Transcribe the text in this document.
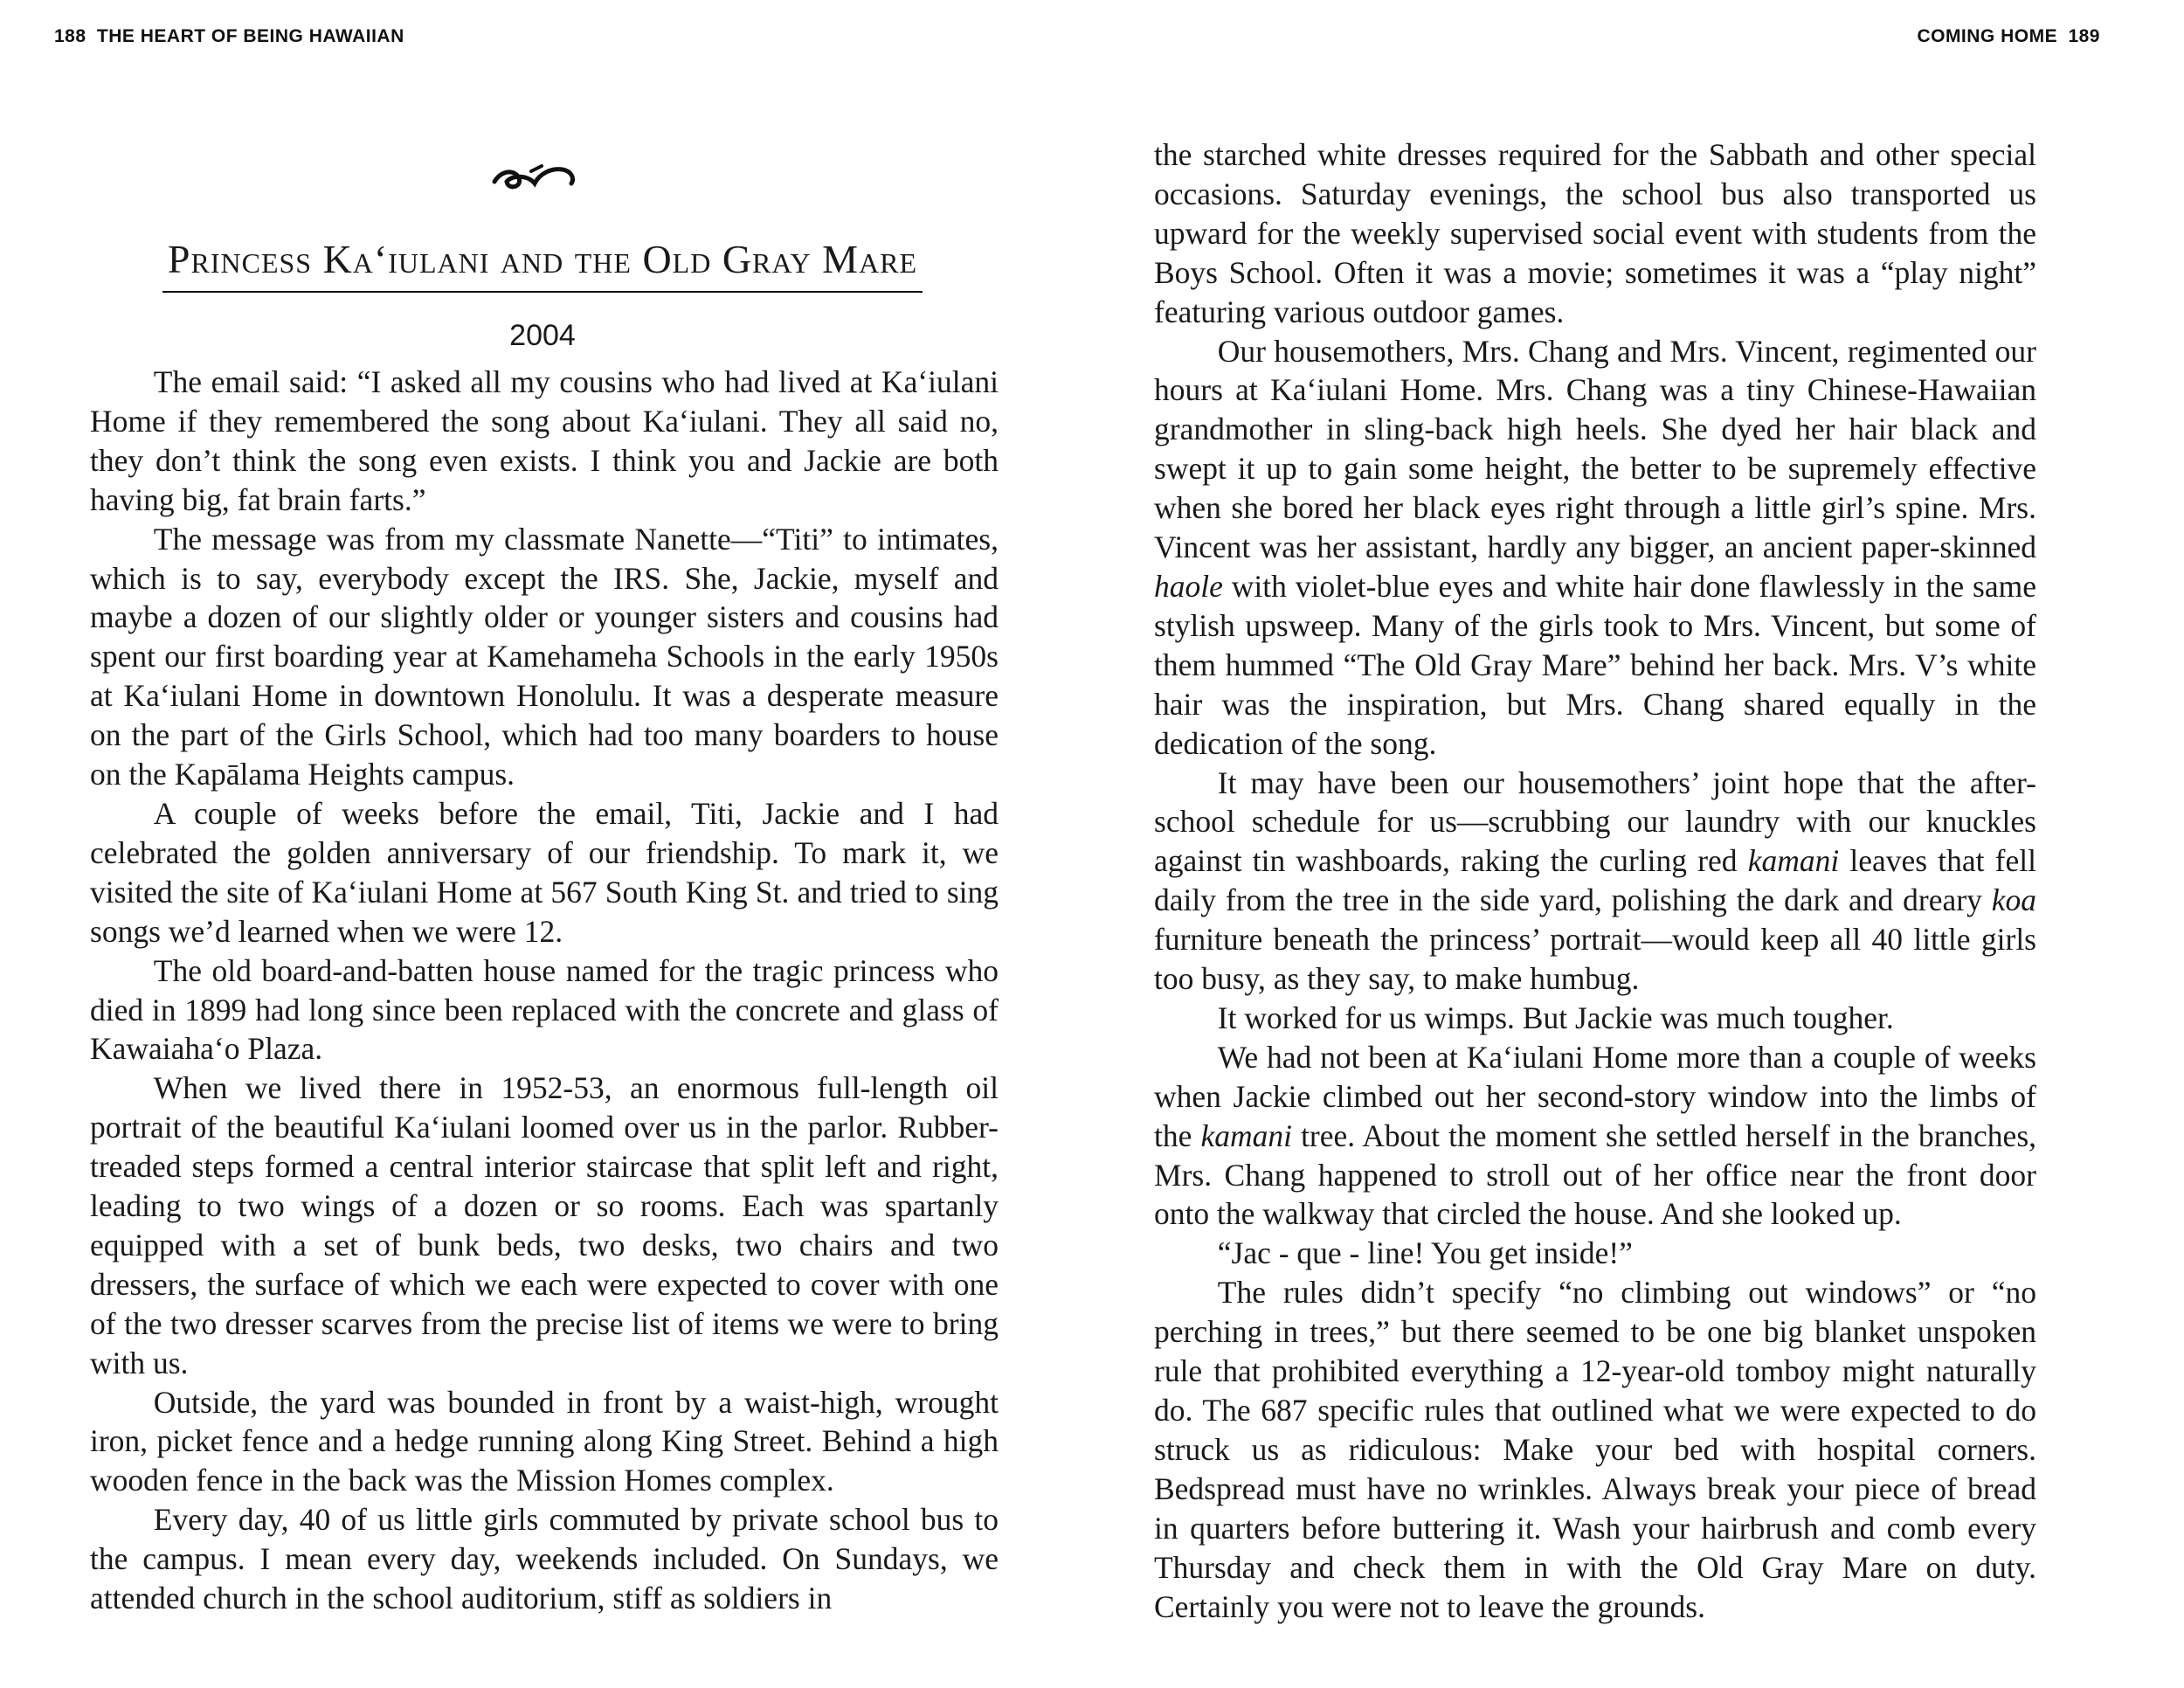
188 THE HEART OF BEING HAWAIIAN
Princess Ka‘iulani and the Old Gray Mare
2004

The email said: “I asked all my cousins who had lived at Ka‘iulani Home if they remembered the song about Ka‘iulani. They all said no, they don’t think the song even exists. I think you and Jackie are both having big, fat brain farts.”

The message was from my classmate Nanette—“Titi” to intimates, which is to say, everybody except the IRS. She, Jackie, myself and maybe a dozen of our slightly older or younger sisters and cousins had spent our first boarding year at Kamehameha Schools in the early 1950s at Ka‘iulani Home in downtown Honolulu. It was a desperate measure on the part of the Girls School, which had too many boarders to house on the Kapālama Heights campus.

A couple of weeks before the email, Titi, Jackie and I had celebrated the golden anniversary of our friendship. To mark it, we visited the site of Ka‘iulani Home at 567 South King St. and tried to sing songs we’d learned when we were 12.

The old board-and-batten house named for the tragic princess who died in 1899 had long since been replaced with the concrete and glass of Kawaiaha‘o Plaza.

When we lived there in 1952-53, an enormous full-length oil portrait of the beautiful Ka‘iulani loomed over us in the parlor. Rubber-treaded steps formed a central interior staircase that split left and right, leading to two wings of a dozen or so rooms. Each was spartanly equipped with a set of bunk beds, two desks, two chairs and two dressers, the surface of which we each were expected to cover with one of the two dresser scarves from the precise list of items we were to bring with us.

Outside, the yard was bounded in front by a waist-high, wrought iron, picket fence and a hedge running along King Street. Behind a high wooden fence in the back was the Mission Homes complex.

Every day, 40 of us little girls commuted by private school bus to the campus. I mean every day, weekends included. On Sundays, we attended church in the school auditorium, stiff as soldiers in

COMING HOME 189

the starched white dresses required for the Sabbath and other special occasions. Saturday evenings, the school bus also transported us upward for the weekly supervised social event with students from the Boys School. Often it was a movie; sometimes it was a “play night” featuring various outdoor games.

Our housemothers, Mrs. Chang and Mrs. Vincent, regimented our hours at Ka‘iulani Home. Mrs. Chang was a tiny Chinese-Hawaiian grandmother in sling-back high heels. She dyed her hair black and swept it up to gain some height, the better to be supremely effective when she bored her black eyes right through a little girl’s spine. Mrs. Vincent was her assistant, hardly any bigger, an ancient paper-skinned haole with violet-blue eyes and white hair done flawlessly in the same stylish upsweep. Many of the girls took to Mrs. Vincent, but some of them hummed “The Old Gray Mare” behind her back. Mrs. V’s white hair was the inspiration, but Mrs. Chang shared equally in the dedication of the song.

It may have been our housemothers’ joint hope that the after-school schedule for us—scrubbing our laundry with our knuckles against tin washboards, raking the curling red kamani leaves that fell daily from the tree in the side yard, polishing the dark and dreary koa furniture beneath the princess’ portrait—would keep all 40 little girls too busy, as they say, to make humbug.

It worked for us wimps. But Jackie was much tougher.

We had not been at Ka‘iulani Home more than a couple of weeks when Jackie climbed out her second-story window into the limbs of the kamani tree. About the moment she settled herself in the branches, Mrs. Chang happened to stroll out of her office near the front door onto the walkway that circled the house. And she looked up.

“Jac - que - line! You get inside!”

The rules didn’t specify “no climbing out windows” or “no perching in trees,” but there seemed to be one big blanket unspoken rule that prohibited everything a 12-year-old tomboy might naturally do. The 687 specific rules that outlined what we were expected to do struck us as ridiculous: Make your bed with hospital corners. Bedspread must have no wrinkles. Always break your piece of bread in quarters before buttering it. Wash your hairbrush and comb every Thursday and check them in with the Old Gray Mare on duty. Certainly you were not to leave the grounds.
